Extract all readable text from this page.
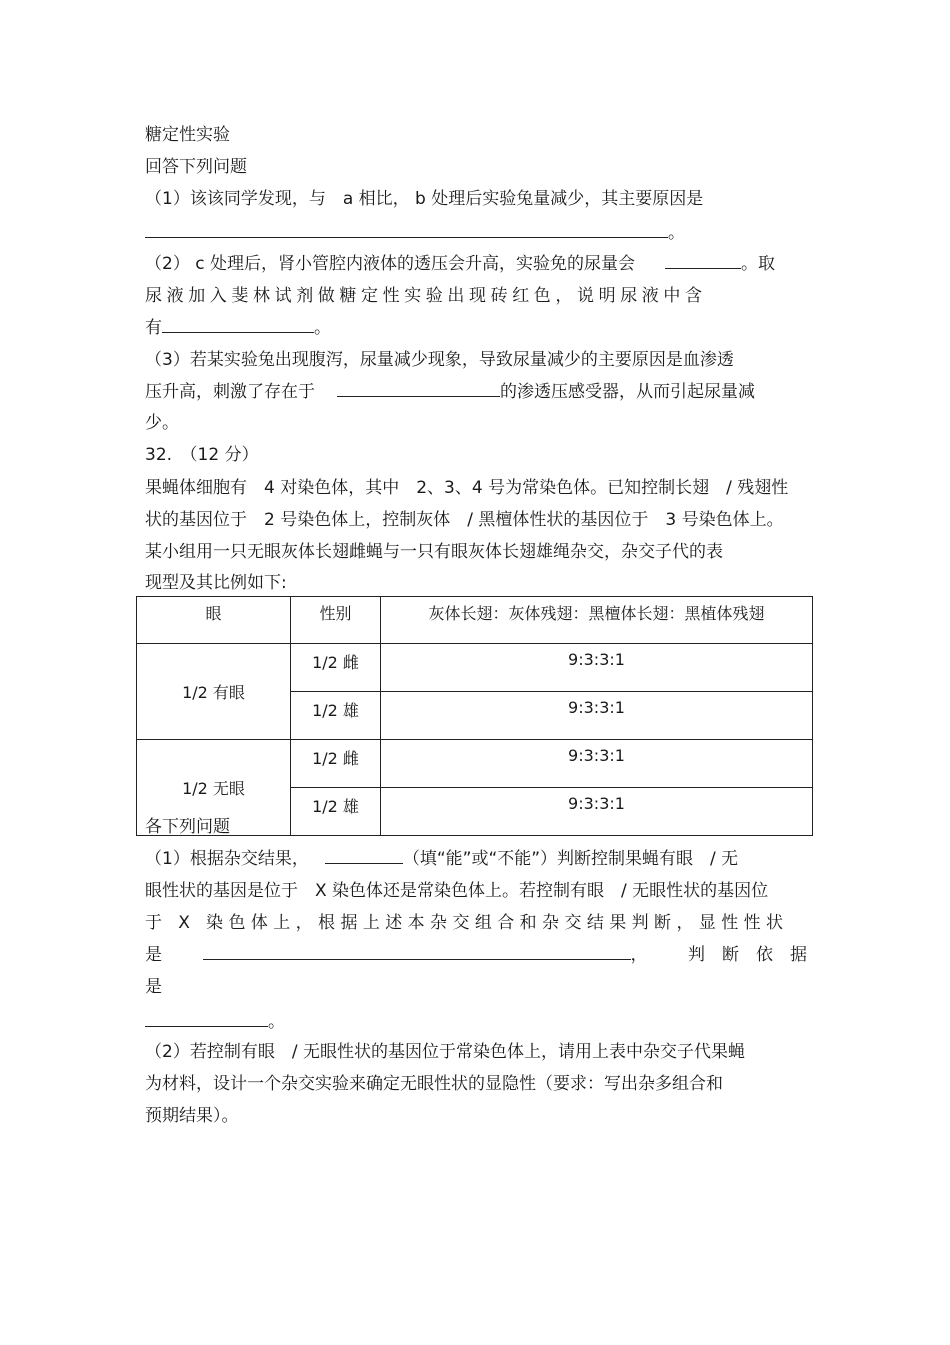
糖定性实验
回答下列问题
（1）该该同学发现，与　a 相比， b 处理后实验兔量减少，其主要原因是
。
（2） c 处理后，肾小管腔内液体的透压会升高，实验免的尿量会	。取
尿液加入斐林试剂做糖定性实验出现砖红色，说明尿液中含
有	。
（3）若某实验兔出现腹泻，尿量减少现象，导致尿量减少的主要原因是血渗透
压升高，刺激了存在于	的渗透压感受器，从而引起尿量减
少。
32.　（12 分）
果蝇体细胞有　4 对染色体，其中　2、3、4 号为常染色体。已知控制长翅　/ 残翅性
状的基因位于　2 号染色体上，控制灰体　/ 黑檀体性状的基因位于　3 号染色体上。
某小组用一只无眼灰体长翅雌蝇与一只有眼灰体长翅雄绳杂交，杂交子代的表
现型及其比例如下:
眼	性别	灰体长翅：灰体残翅：黑檀体长翅：黑植体残翅
1/2 有眼	1/2 雌	9:3:3:1
	1/2 雄	9:3:3:1
1/2 无眼	1/2 雌	9:3:3:1
	1/2 雄	9:3:3:1
各下列问题
（1）根据杂交结果，	（填“能”或“不能”）判断控制果蝇有眼　/ 无
眼性状的基因是位于　X 染色体还是常染色体上。若控制有眼　/ 无眼性状的基因位
于 X 染色体上，根据上述本杂交组合和杂交结果判断，显性性状
是	， 判　断　依　据
是
。
（2）若控制有眼　/ 无眼性状的基因位于常染色体上，请用上表中杂交子代果蝇
为材料，设计一个杂交实验来确定无眼性状的显隐性（要求：写出杂多组合和
预期结果）。
